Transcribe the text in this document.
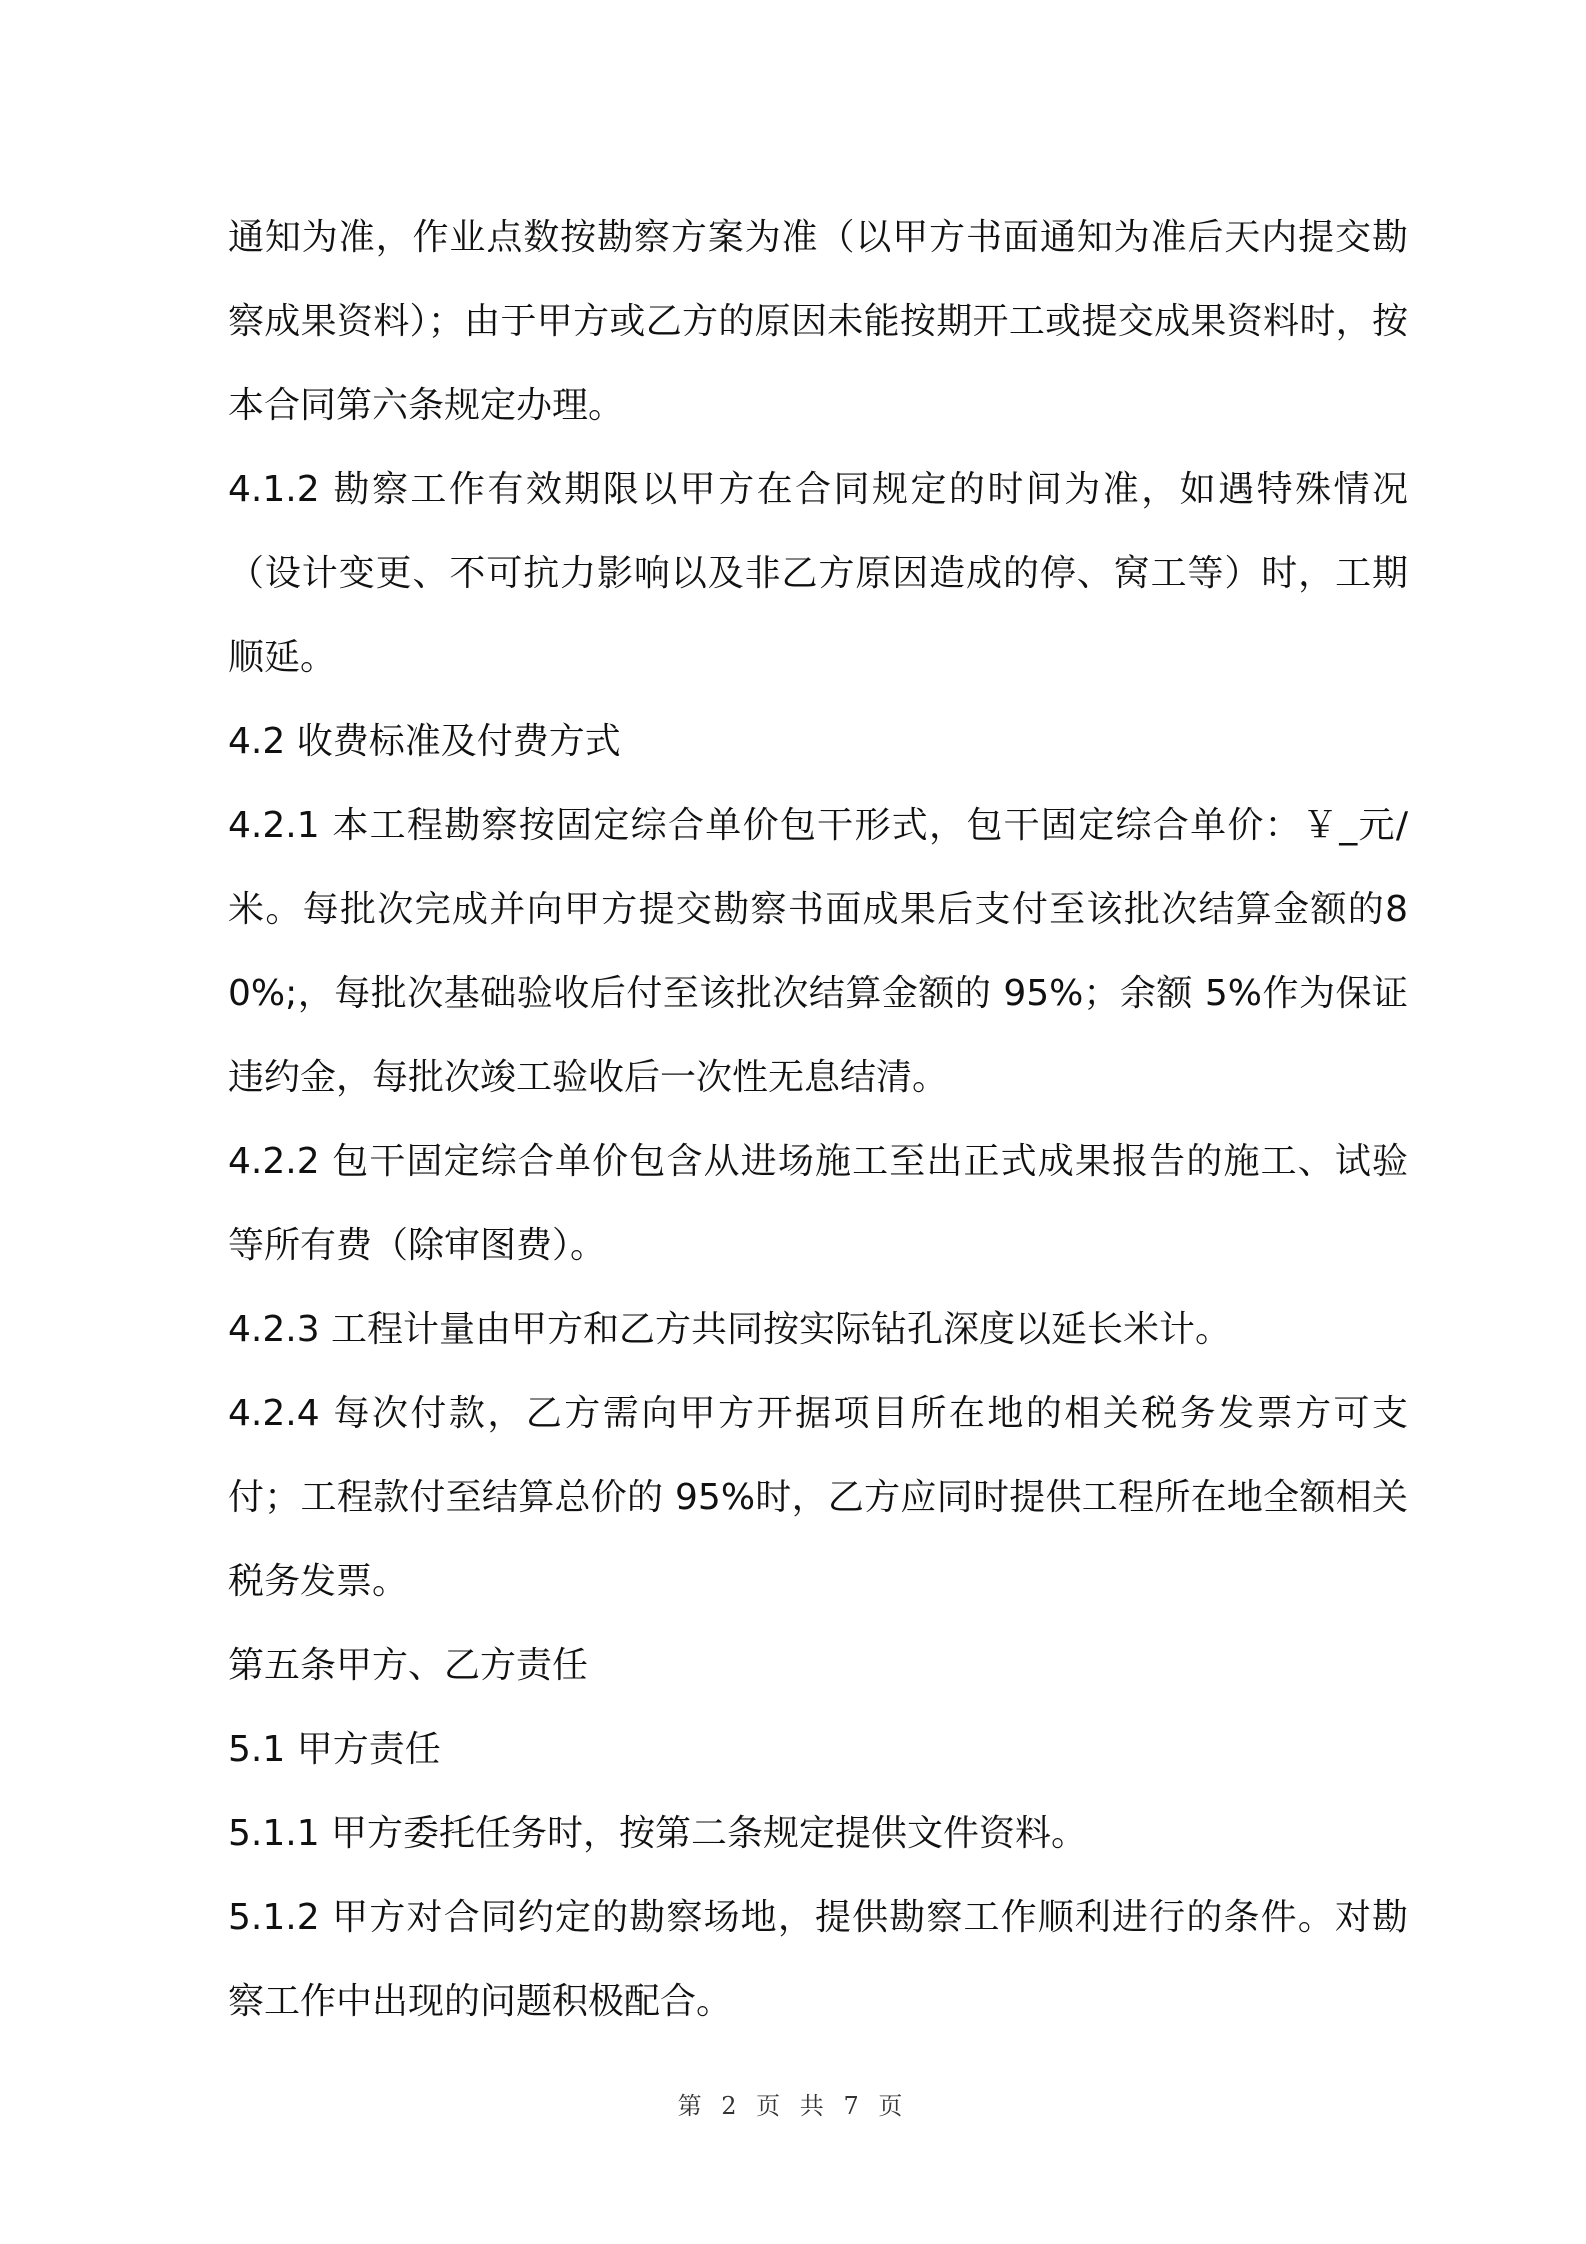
通知为准，作业点数按勘察方案为准（以甲方书面通知为准后天内提交勘察成果资料）；由于甲方或乙方的原因未能按期开工或提交成果资料时，按本合同第六条规定办理。

4.1.2 勘察工作有效期限以甲方在合同规定的时间为准，如遇特殊情况（设计变更、不可抗力影响以及非乙方原因造成的停、窝工等）时，工期顺延。

4.2 收费标准及付费方式

4.2.1 本工程勘察按固定综合单价包干形式，包干固定综合单价：￥_元/米。每批次完成并向甲方提交勘察书面成果后支付至该批次结算金额的80%;，每批次基础验收后付至该批次结算金额的 95%；余额 5%作为保证违约金，每批次竣工验收后一次性无息结清。

4.2.2 包干固定综合单价包含从进场施工至出正式成果报告的施工、试验等所有费（除审图费）。

4.2.3 工程计量由甲方和乙方共同按实际钻孔深度以延长米计。

4.2.4 每次付款，乙方需向甲方开据项目所在地的相关税务发票方可支付；工程款付至结算总价的 95%时，乙方应同时提供工程所在地全额相关税务发票。

第五条甲方、乙方责任

5.1 甲方责任

5.1.1 甲方委托任务时，按第二条规定提供文件资料。

5.1.2 甲方对合同约定的勘察场地，提供勘察工作顺利进行的条件。对勘察工作中出现的问题积极配合。

第 2 页 共 7 页
